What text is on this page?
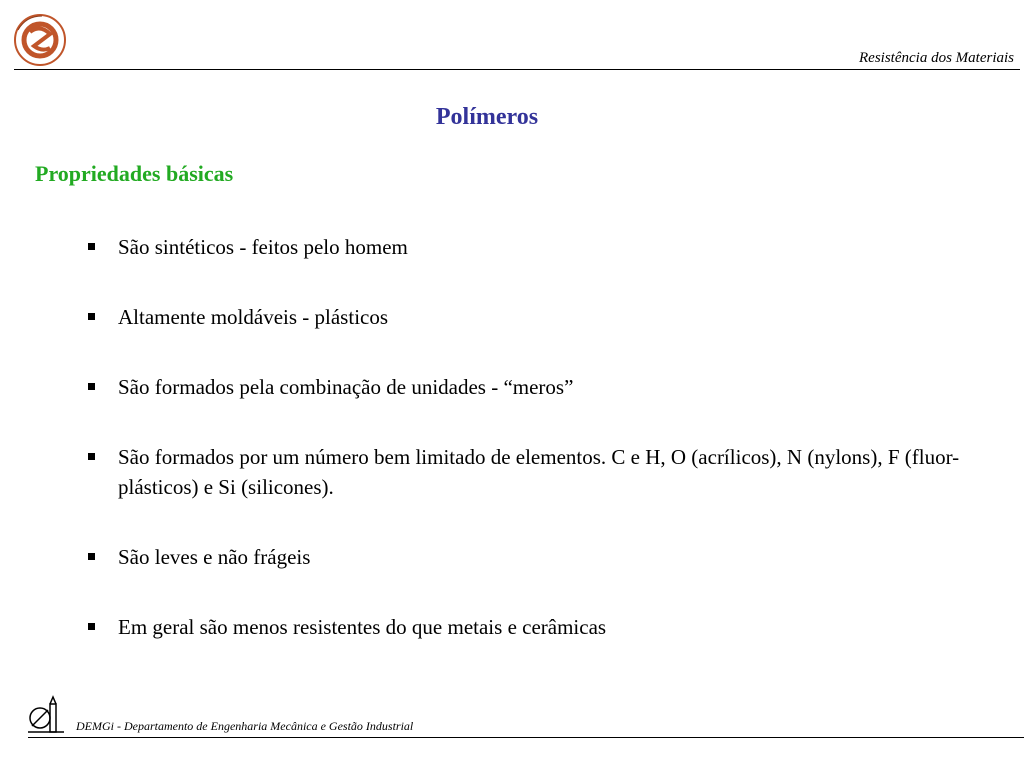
Resistência dos Materiais
Polímeros
Propriedades básicas
São sintéticos - feitos pelo homem
Altamente moldáveis - plásticos
São formados pela combinação de unidades - “meros”
São formados por um número bem limitado de elementos. C e H, O (acrílicos), N (nylons), F (fluor-plásticos) e Si (silicones).
São leves e não frágeis
Em geral são menos resistentes do que metais e cerâmicas
DEMGi - Departamento de Engenharia Mecânica e Gestão Industrial
